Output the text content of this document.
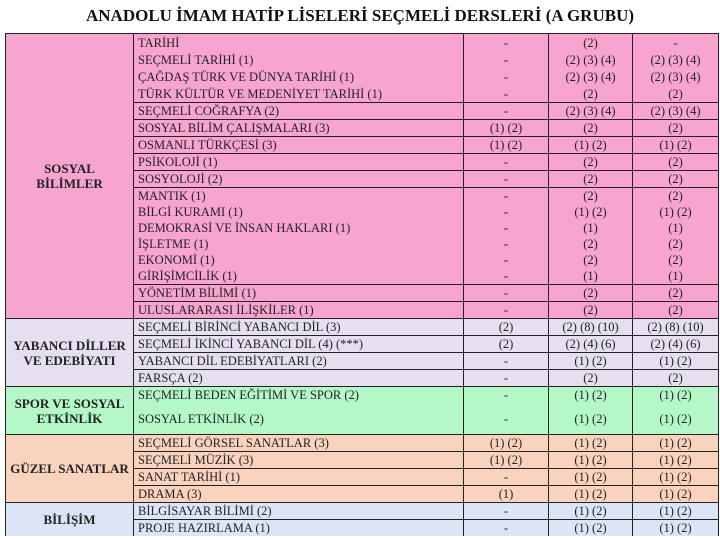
ANADOLU İMAM HATİP LİSELERİ SEÇMELİ DERSLERİ (A GRUBU)
SOSYAL BİLİMLER	TARİHİ	-	(2)	-
	SEÇMELİ TARİHİ (1)	-	(2) (3) (4)	(2) (3) (4)
	ÇAĞDAŞ TÜRK VE DÜNYA TARİHİ (1)	-	(2) (3) (4)	(2) (3) (4)
	TÜRK KÜLTÜR VE MEDENİYET TARİHİ (1)	-	(2)	(2)
	SEÇMELİ COĞRAFYA (2)	-	(2) (3) (4)	(2) (3) (4)
	SOSYAL BİLİM ÇALIŞMALARI (3)	(1) (2)	(2)	(2)
	OSMANLI TÜRKÇESİ (3)	(1) (2)	(1) (2)	(1) (2)
	PSİKOLOJİ (1)	-	(2)	(2)
	SOSYOLOJİ (2)	-	(2)	(2)
	MANTIK (1)	-	(2)	(2)
	BİLGİ KURAMI (1)	-	(1) (2)	(1) (2)
	DEMOKRASİ VE İNSAN HAKLARI (1)	-	(1)	(1)
	İŞLETME (1)	-	(2)	(2)
	EKONOMİ (1)	-	(2)	(2)
	GİRİŞİMCİLİK (1)	-	(1)	(1)
	YÖNETİM BİLİMİ (1)	-	(2)	(2)
	ULUSLARARASI İLİŞKİLER (1)	-	(2)	(2)
YABANCI DİLLER VE EDEBİYATI	SEÇMELİ BİRİNCİ YABANCI DİL (3)	(2)	(2) (8) (10)	(2) (8) (10)
	SEÇMELİ İKİNCİ YABANCI DİL (4) (***)	(2)	(2) (4) (6)	(2) (4) (6)
	YABANCI DİL EDEBİYATLARI (2)	-	(1) (2)	(1) (2)
	FARSÇA (2)	-	(2)	(2)
SPOR VE SOSYAL ETKİNLİK	SEÇMELİ BEDEN EĞİTİMİ VE SPOR (2)	-	(1) (2)	(1) (2)
	SOSYAL ETKİNLİK (2)	-	(1) (2)	(1) (2)
GÜZEL SANATLAR	SEÇMELİ GÖRSEL SANATLAR (3)	(1) (2)	(1) (2)	(1) (2)
	SEÇMELİ MÜZİK (3)	(1) (2)	(1) (2)	(1) (2)
	SANAT TARİHİ (1)	-	(1) (2)	(1) (2)
	DRAMA (3)	(1)	(1) (2)	(1) (2)
BİLİŞİM	BİLGİSAYAR BİLİMİ (2)	-	(1) (2)	(1) (2)
	PROJE HAZIRLAMA (1)	-	(1) (2)	(1) (2)
